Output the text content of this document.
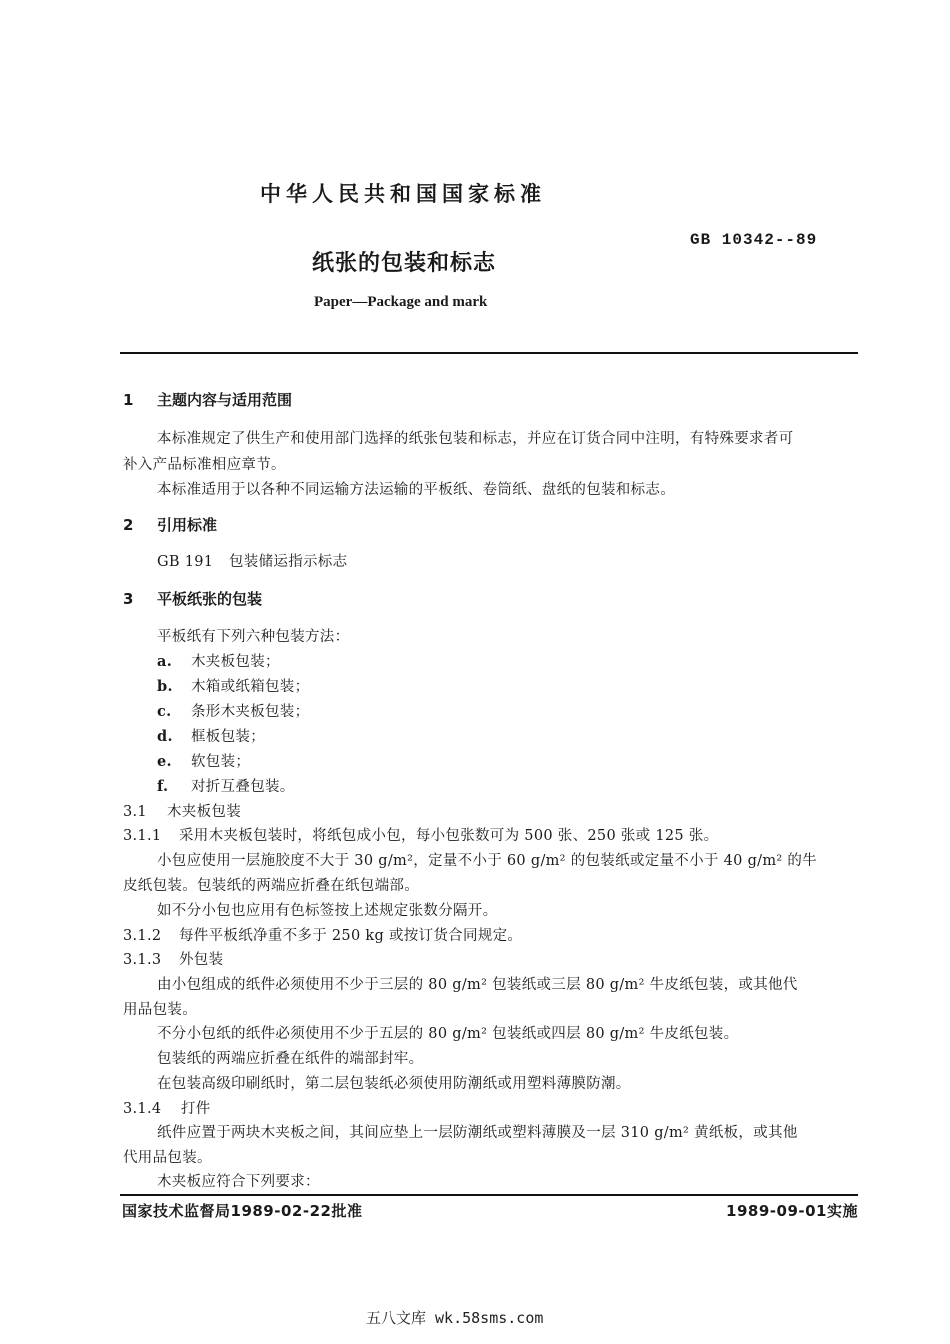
中华人民共和国国家标准
GB 10342--89
纸张的包装和标志
Paper—Package and mark
1 主题内容与适用范围
本标准规定了供生产和使用部门选择的纸张包装和标志，并应在订货合同中注明，有特殊要求者可
补入产品标准相应章节。
本标准适用于以各种不同运输方法运输的平板纸、卷筒纸、盘纸的包装和标志。
2 引用标准
GB 191 包装储运指示标志
3 平板纸张的包装
平板纸有下列六种包装方法：
a. 木夹板包装；
b. 木箱或纸箱包装；
c. 条形木夹板包装；
d. 框板包装；
e. 软包装；
f. 对折互叠包装。
3.1 木夹板包装
3.1.1 采用木夹板包装时，将纸包成小包，每小包张数可为 500 张、250 张或 125 张。
小包应使用一层施胶度不大于 30 g/m²，定量不小于 60 g/m² 的包装纸或定量不小于 40 g/m² 的牛
皮纸包装。包装纸的两端应折叠在纸包端部。
如不分小包也应用有色标签按上述规定张数分隔开。
3.1.2 每件平板纸净重不多于 250 kg 或按订货合同规定。
3.1.3 外包装
由小包组成的纸件必须使用不少于三层的 80 g/m² 包装纸或三层 80 g/m² 牛皮纸包装，或其他代
用品包装。
不分小包纸的纸件必须使用不少于五层的 80 g/m² 包装纸或四层 80 g/m² 牛皮纸包装。
包装纸的两端应折叠在纸件的端部封牢。
在包装高级印刷纸时，第二层包装纸必须使用防潮纸或用塑料薄膜防潮。
3.1.4 打件
纸件应置于两块木夹板之间，其间应垫上一层防潮纸或塑料薄膜及一层 310 g/m² 黄纸板，或其他
代用品包装。
木夹板应符合下列要求：
国家技术监督局1989-02-22批准	1989-09-01实施
五八文库 wk.58sms.com
